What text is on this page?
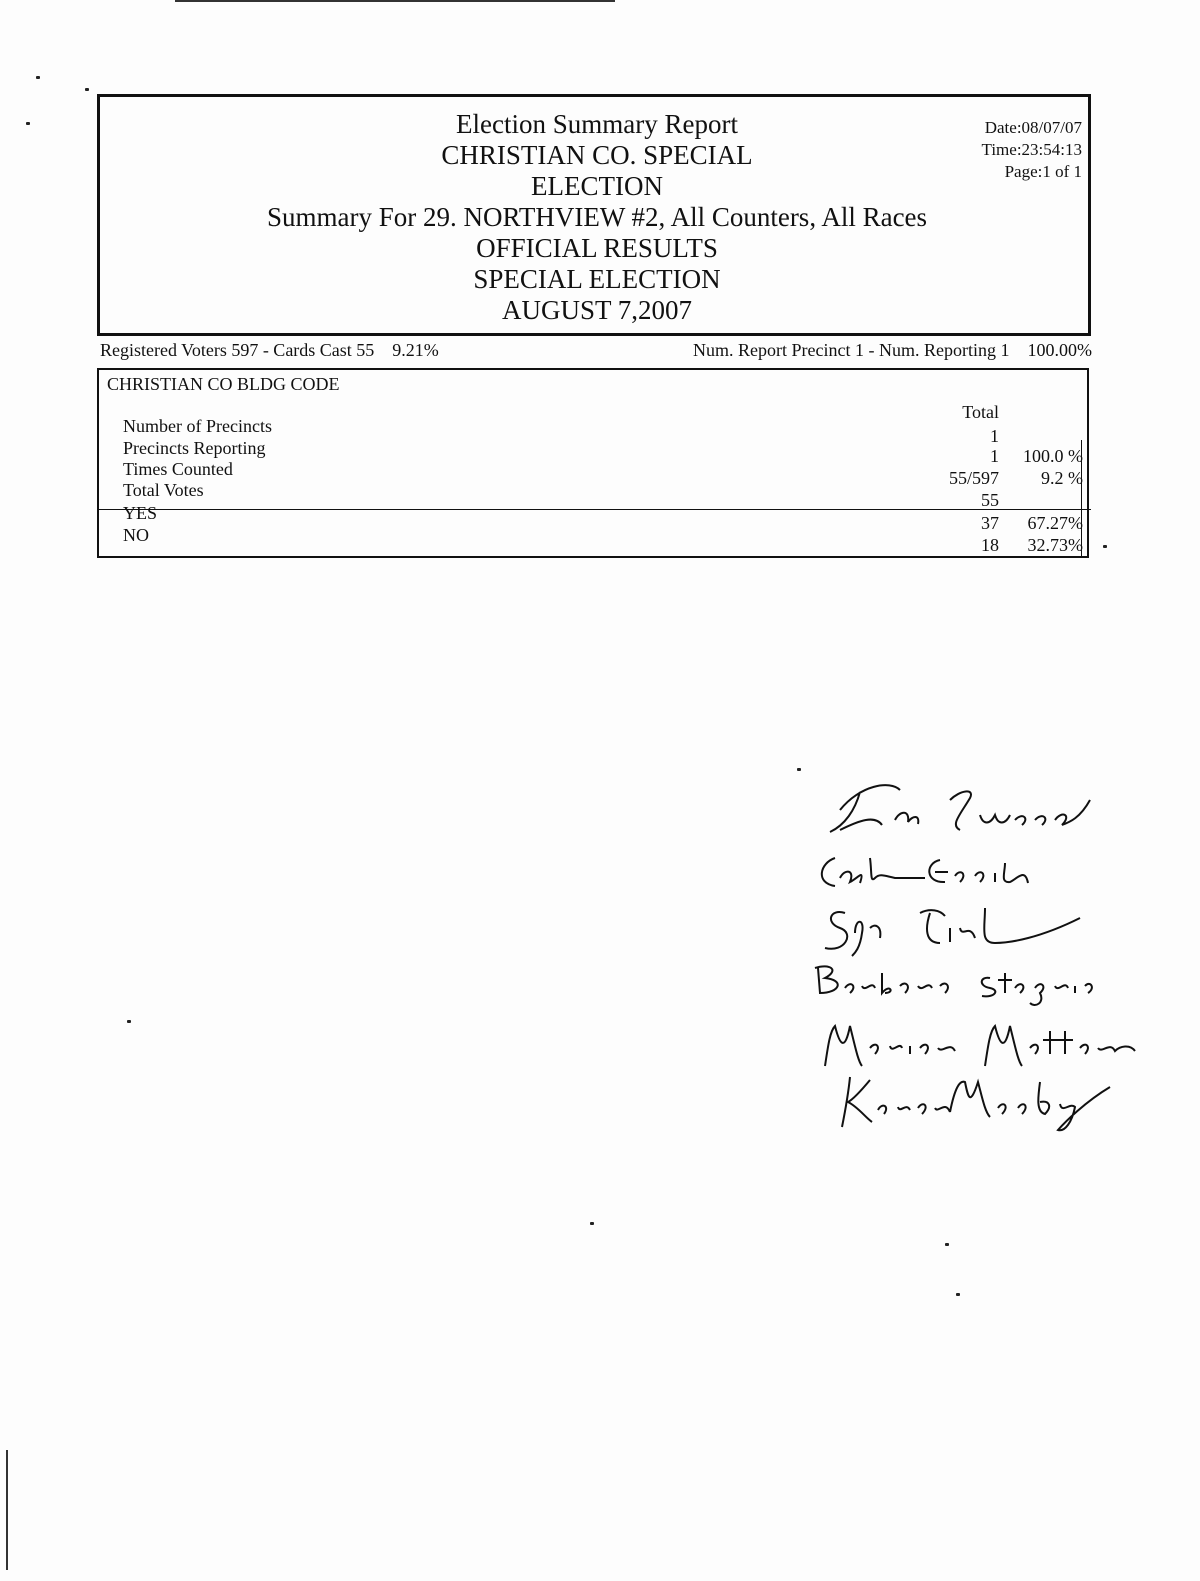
Election Summary Report
CHRISTIAN CO. SPECIAL
ELECTION
Summary For 29. NORTHVIEW #2, All Counters, All Races
OFFICIAL RESULTS
SPECIAL ELECTION
AUGUST 7,2007
Date:08/07/07
Time:23:54:13
Page:1 of 1
Registered Voters 597 - Cards Cast 55    9.21%	Num. Report Precinct 1 - Num. Reporting 1    100.00%
CHRISTIAN CO BLDG CODE
Total
Number of Precincts	1
Precincts Reporting	1	100.0 %
Times Counted	55/597	9.2 %
Total Votes	55
YES	37	67.27%
NO	18	32.73%
